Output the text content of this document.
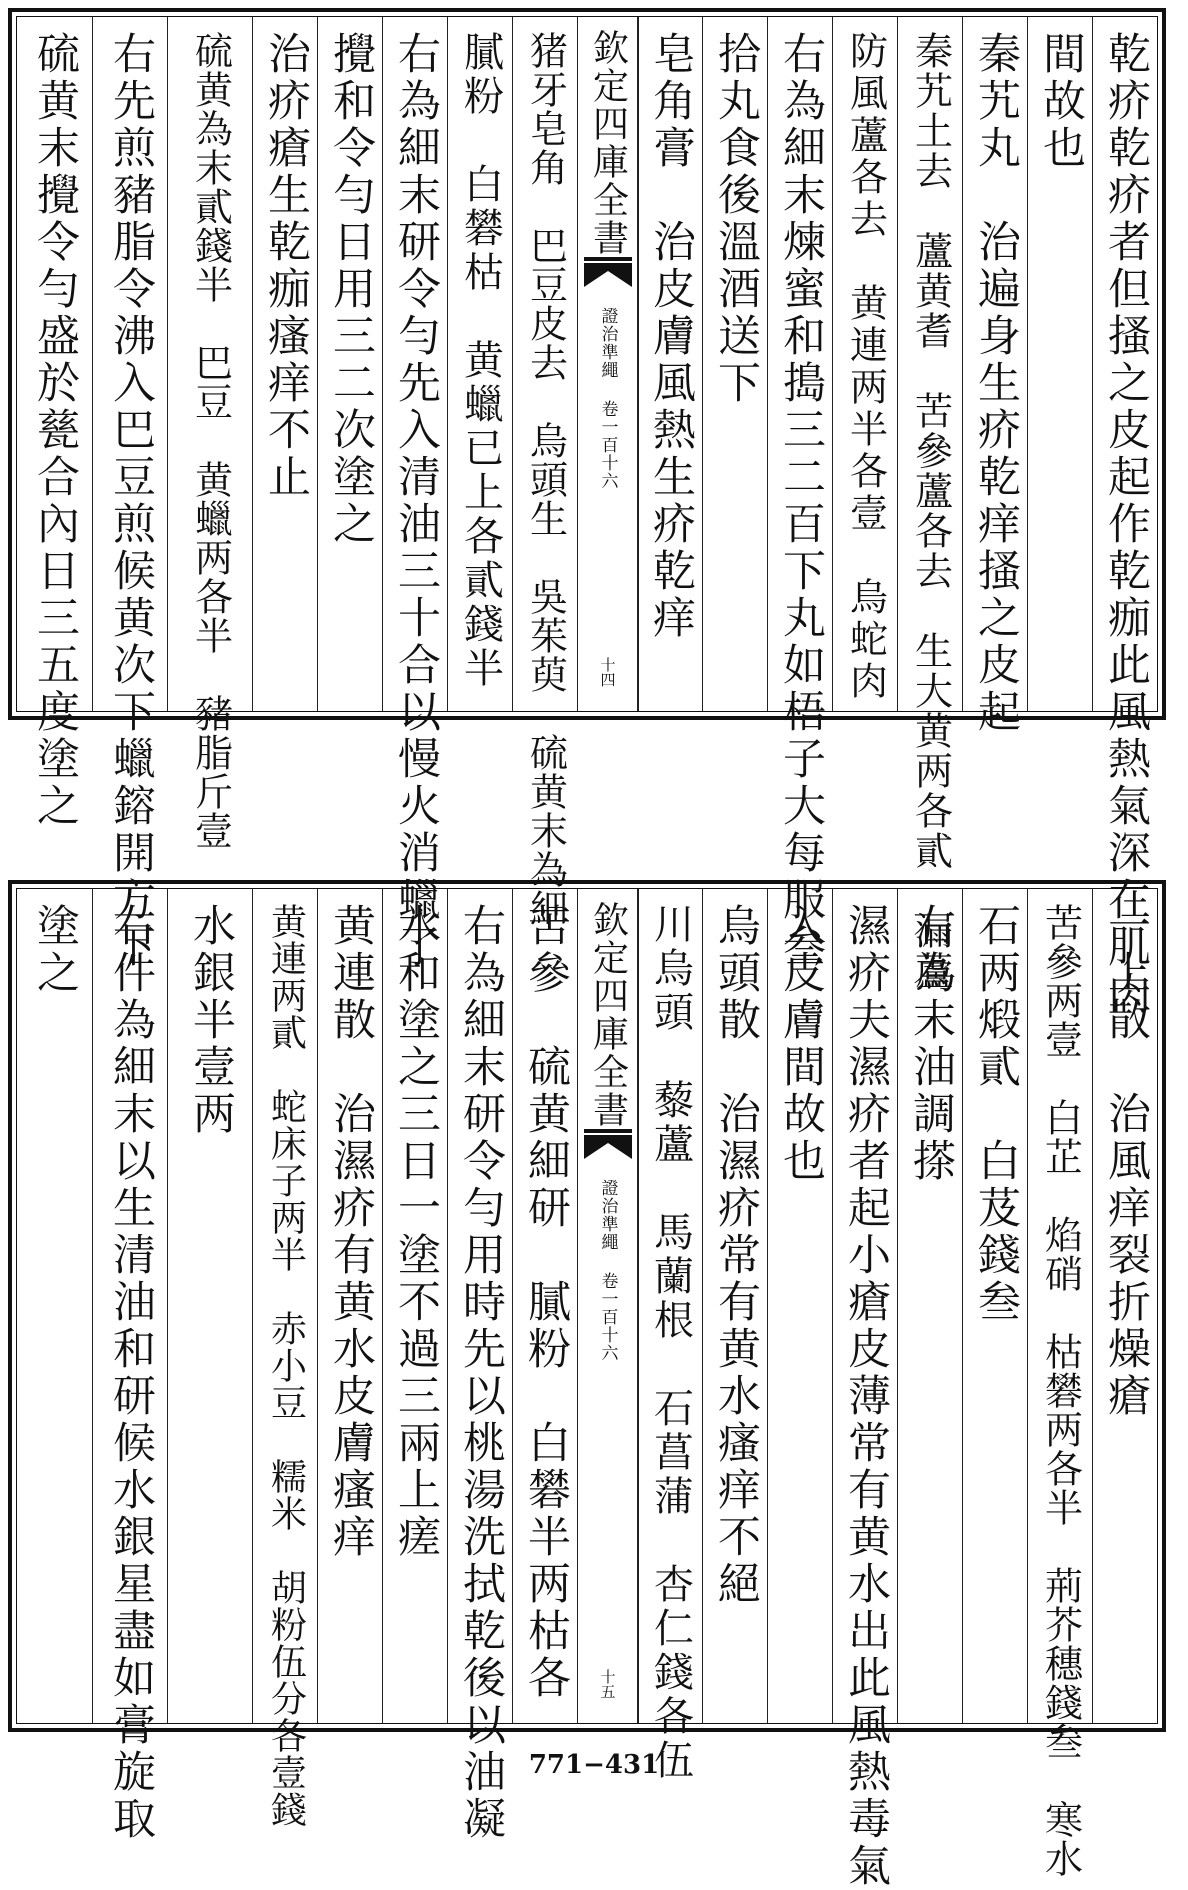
乾疥乾疥者但搔之皮起作乾痂此風熱氣深在肌肉
間故也
秦艽丸　治遍身生疥乾痒搔之皮起
秦艽土去　蘆黄耆　苦參蘆各去　生大黄两各貳　漏蘆
防風蘆各去　黄連两半各壹　烏蛇肉
右為細末煉蜜和搗三二百下丸如梧子大每服叁
拾丸食後溫酒送下
皂角膏　治皮膚風熱生疥乾痒
欽定四庫全書
證治準繩 卷一百十六
十四
猪牙皂角　巴豆皮去　烏頭生　吳茱萸　硫黄末為細
膩粉　白礬枯　黄蠟已上各貳錢半
右為細末研令勻先入清油三十合以慢火消蠟了
攪和令勻日用三二次塗之
治疥瘡生乾痂瘙痒不止
硫黄為末貳錢半　巴豆　黄蠟两各半　豬脂斤壹
右先煎豬脂令沸入巴豆煎候黄次下蠟鎔開方下
硫黄末攪令勻盛於甆合內日三五度塗之
一上散　治風痒裂折燥瘡
苦參两壹　白芷　焰硝　枯礬两各半　荊芥穗錢叁　寒水
石两煅貳　白芨錢叁
右為末油調搽
濕疥夫濕疥者起小瘡皮薄常有黄水出此風熱毒氣
入皮膚間故也
烏頭散　治濕疥常有黄水瘙痒不絕
川烏頭　藜蘆　馬蘭根　石菖蒲　杏仁錢各伍
欽定四庫全書
證治準繩 卷一百十六
十五
苦參　硫黄細研　膩粉　白礬半两枯各
右為細末研令勻用時先以桃湯洗拭乾後以油凝
水和塗之三日一塗不過三兩上瘥
黄連散　治濕疥有黄水皮膚瘙痒
黄連两貳　蛇床子两半　赤小豆　糯米　胡粉伍分各壹錢
水銀半壹两
右件為細末以生清油和研候水銀星盡如膏旋取
塗之
771−431
